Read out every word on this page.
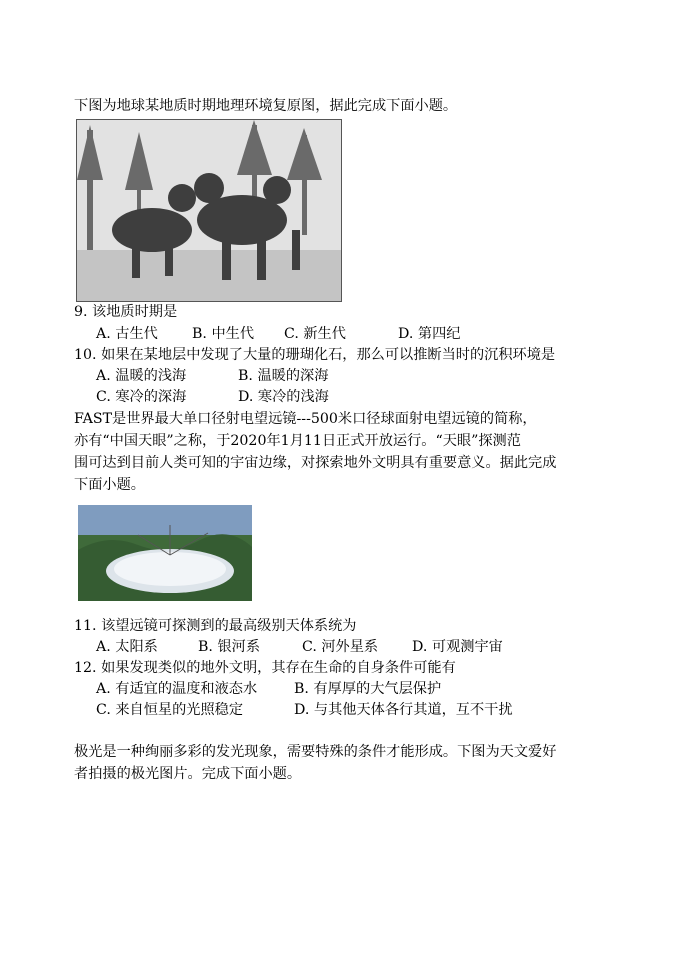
下图为地球某地质时期地理环境复原图，据此完成下面小题。
9. 该地质时期是
A. 古生代 B. 中生代 C. 新生代	D. 第四纪
10. 如果在某地层中发现了大量的珊瑚化石，那么可以推断当时的沉积环境是
A. 温暖的浅海	B. 温暖的深海
C. 寒冷的深海	D. 寒冷的浅海
FAST是世界最大单口径射电望远镜---500米口径球面射电望远镜的简称，
亦有“中国天眼”之称，于2020年1月11日正式开放运行。“天眼”探测范
围可达到目前人类可知的宇宙边缘，对探索地外文明具有重要意义。据此完成
下面小题。
11. 该望远镜可探测到的最高级别天体系统为
A. 太阳系	B. 银河系	C. 河外星系 D. 可观测宇宙
12. 如果发现类似的地外文明，其存在生命的自身条件可能有
A. 有适宜的温度和液态水	B. 有厚厚的大气层保护
C. 来自恒星的光照稳定	D. 与其他天体各行其道，互不干扰
极光是一种绚丽多彩的发光现象，需要特殊的条件才能形成。下图为天文爱好
者拍摄的极光图片。完成下面小题。
